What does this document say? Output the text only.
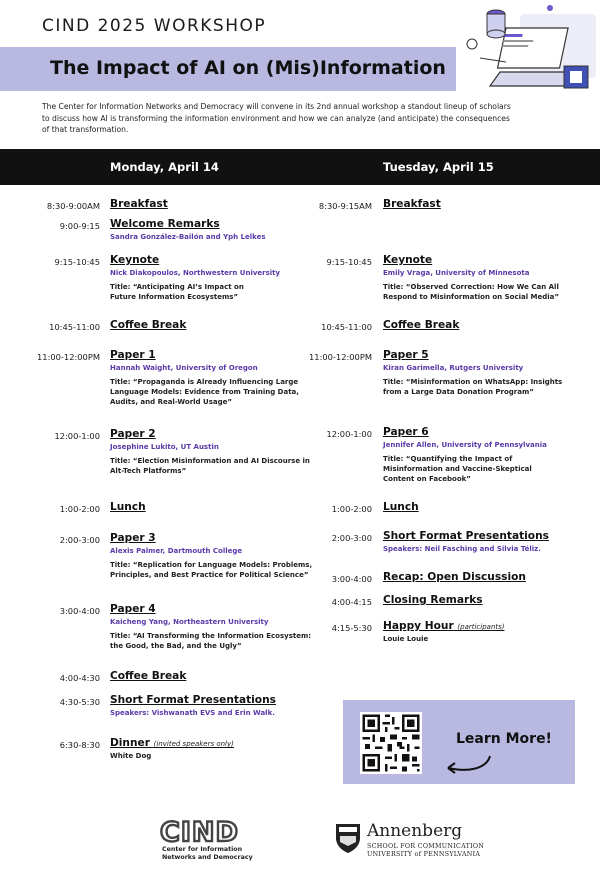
CIND 2025 WORKSHOP
The Impact of AI on (Mis)Information
The Center for Information Networks and Democracy will convene in its 2nd annual workshop a standout lineup of scholars to discuss how AI is transforming the information environment and how we can analyze (and anticipate) the consequences of that transformation.
Monday, April 14	Tuesday, April 15
8:30-9:00AM Breakfast
9:00-9:15 Welcome Remarks
Sandra González-Bailón and Yph Lelkes
9:15-10:45 Keynote
Nick Diakopoulos, Northwestern University
Title: “Anticipating AI’s Impact on Future Information Ecosystems”
10:45-11:00 Coffee Break
11:00-12:00PM Paper 1
Hannah Waight, University of Oregon
Title: “Propaganda is Already Influencing Large Language Models: Evidence from Training Data, Audits, and Real-World Usage”
12:00-1:00 Paper 2
Josephine Lukito, UT Austin
Title: “Election Misinformation and AI Discourse in Alt-Tech Platforms”
1:00-2:00 Lunch
2:00-3:00 Paper 3
Alexis Palmer, Dartmouth College
Title: “Replication for Language Models: Problems, Principles, and Best Practice for Political Science”
3:00-4:00 Paper 4
Kaicheng Yang, Northeastern University
Title: “AI Transforming the Information Ecosystem: the Good, the Bad, and the Ugly”
4:00-4:30 Coffee Break
4:30-5:30 Short Format Presentations
Speakers: Vishwanath EVS and Erin Walk.
6:30-8:30 Dinner (invited speakers only)
White Dog
8:30-9:15AM Breakfast
9:15-10:45 Keynote
Emily Vraga, University of Minnesota
Title: “Observed Correction: How We Can All Respond to Misinformation on Social Media”
10:45-11:00 Coffee Break
11:00-12:00PM Paper 5
Kiran Garimella, Rutgers University
Title: “Misinformation on WhatsApp: Insights from a Large Data Donation Program”
12:00-1:00 Paper 6
Jennifer Allen, University of Pennsylvania
Title: “Quantifying the Impact of Misinformation and Vaccine-Skeptical Content on Facebook”
1:00-2:00 Lunch
2:00-3:00 Short Format Presentations
Speakers: Neil Fasching and Silvia Téliz.
3:00-4:00 Recap: Open Discussion
4:00-4:15 Closing Remarks
4:15-5:30 Happy Hour (participants)
Louie Louie
Learn More!
CIND
Center for Information
Networks and Democracy
Annenberg
SCHOOL FOR COMMUNICATION
UNIVERSITY of PENNSYLVANIA
